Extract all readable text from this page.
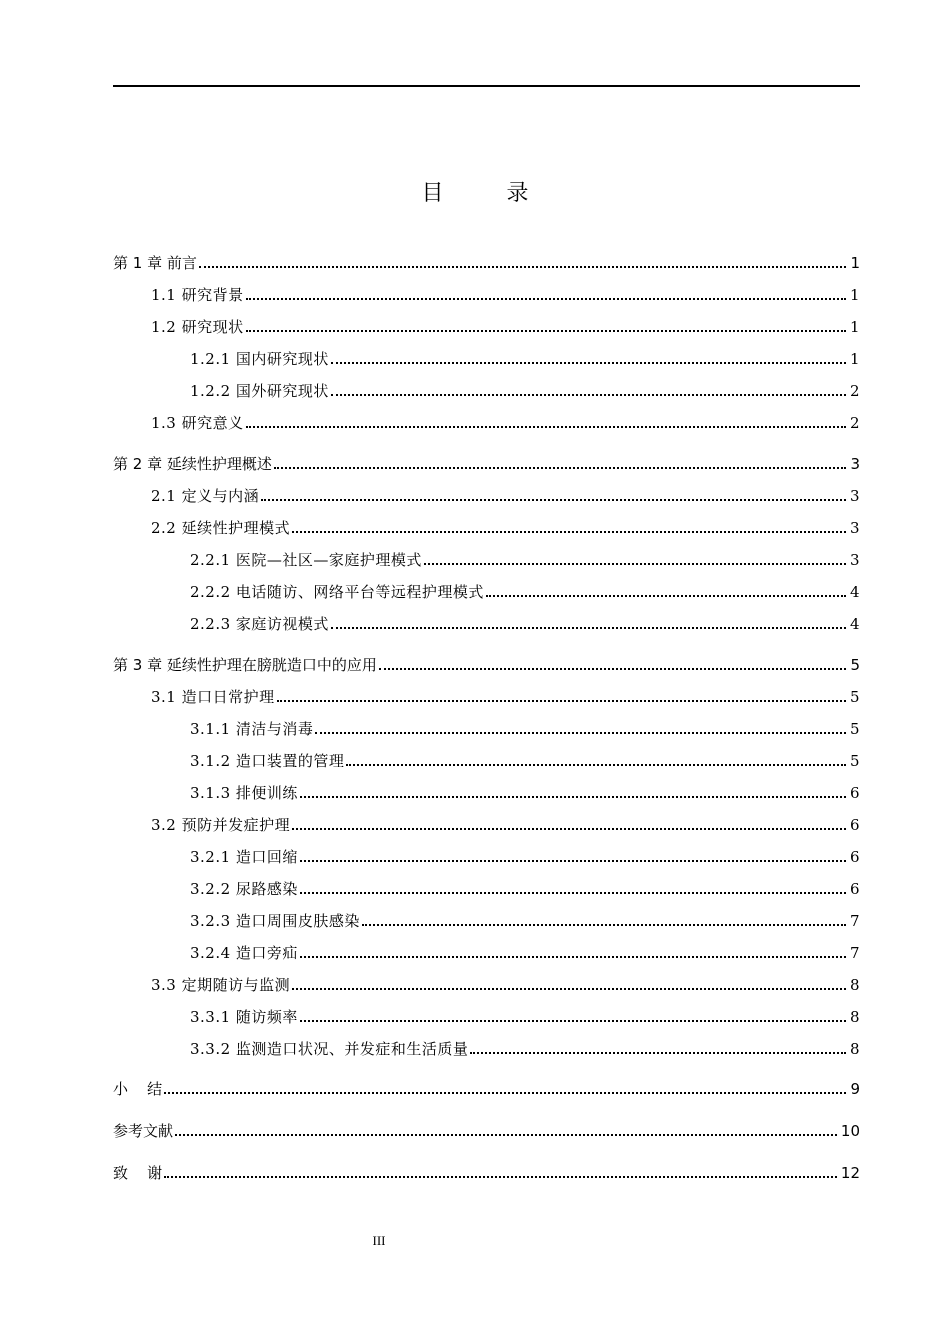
目 录
第 1 章 前言	1
1.1 研究背景	1
1.2 研究现状	1
1.2.1 国内研究现状	1
1.2.2 国外研究现状	2
1.3 研究意义	2
第 2 章 延续性护理概述	3
2.1 定义与内涵	3
2.2 延续性护理模式	3
2.2.1 医院—社区—家庭护理模式	3
2.2.2 电话随访、网络平台等远程护理模式	4
2.2.3 家庭访视模式	4
第 3 章 延续性护理在膀胱造口中的应用	5
3.1 造口日常护理	5
3.1.1 清洁与消毒	5
3.1.2 造口装置的管理	5
3.1.3 排便训练	6
3.2 预防并发症护理	6
3.2.1 造口回缩	6
3.2.2 尿路感染	6
3.2.3 造口周围皮肤感染	7
3.2.4 造口旁疝	7
3.3 定期随访与监测	8
3.3.1 随访频率	8
3.3.2 监测造口状况、并发症和生活质量	8
小    结	9
参考文献	10
致    谢	12
III
